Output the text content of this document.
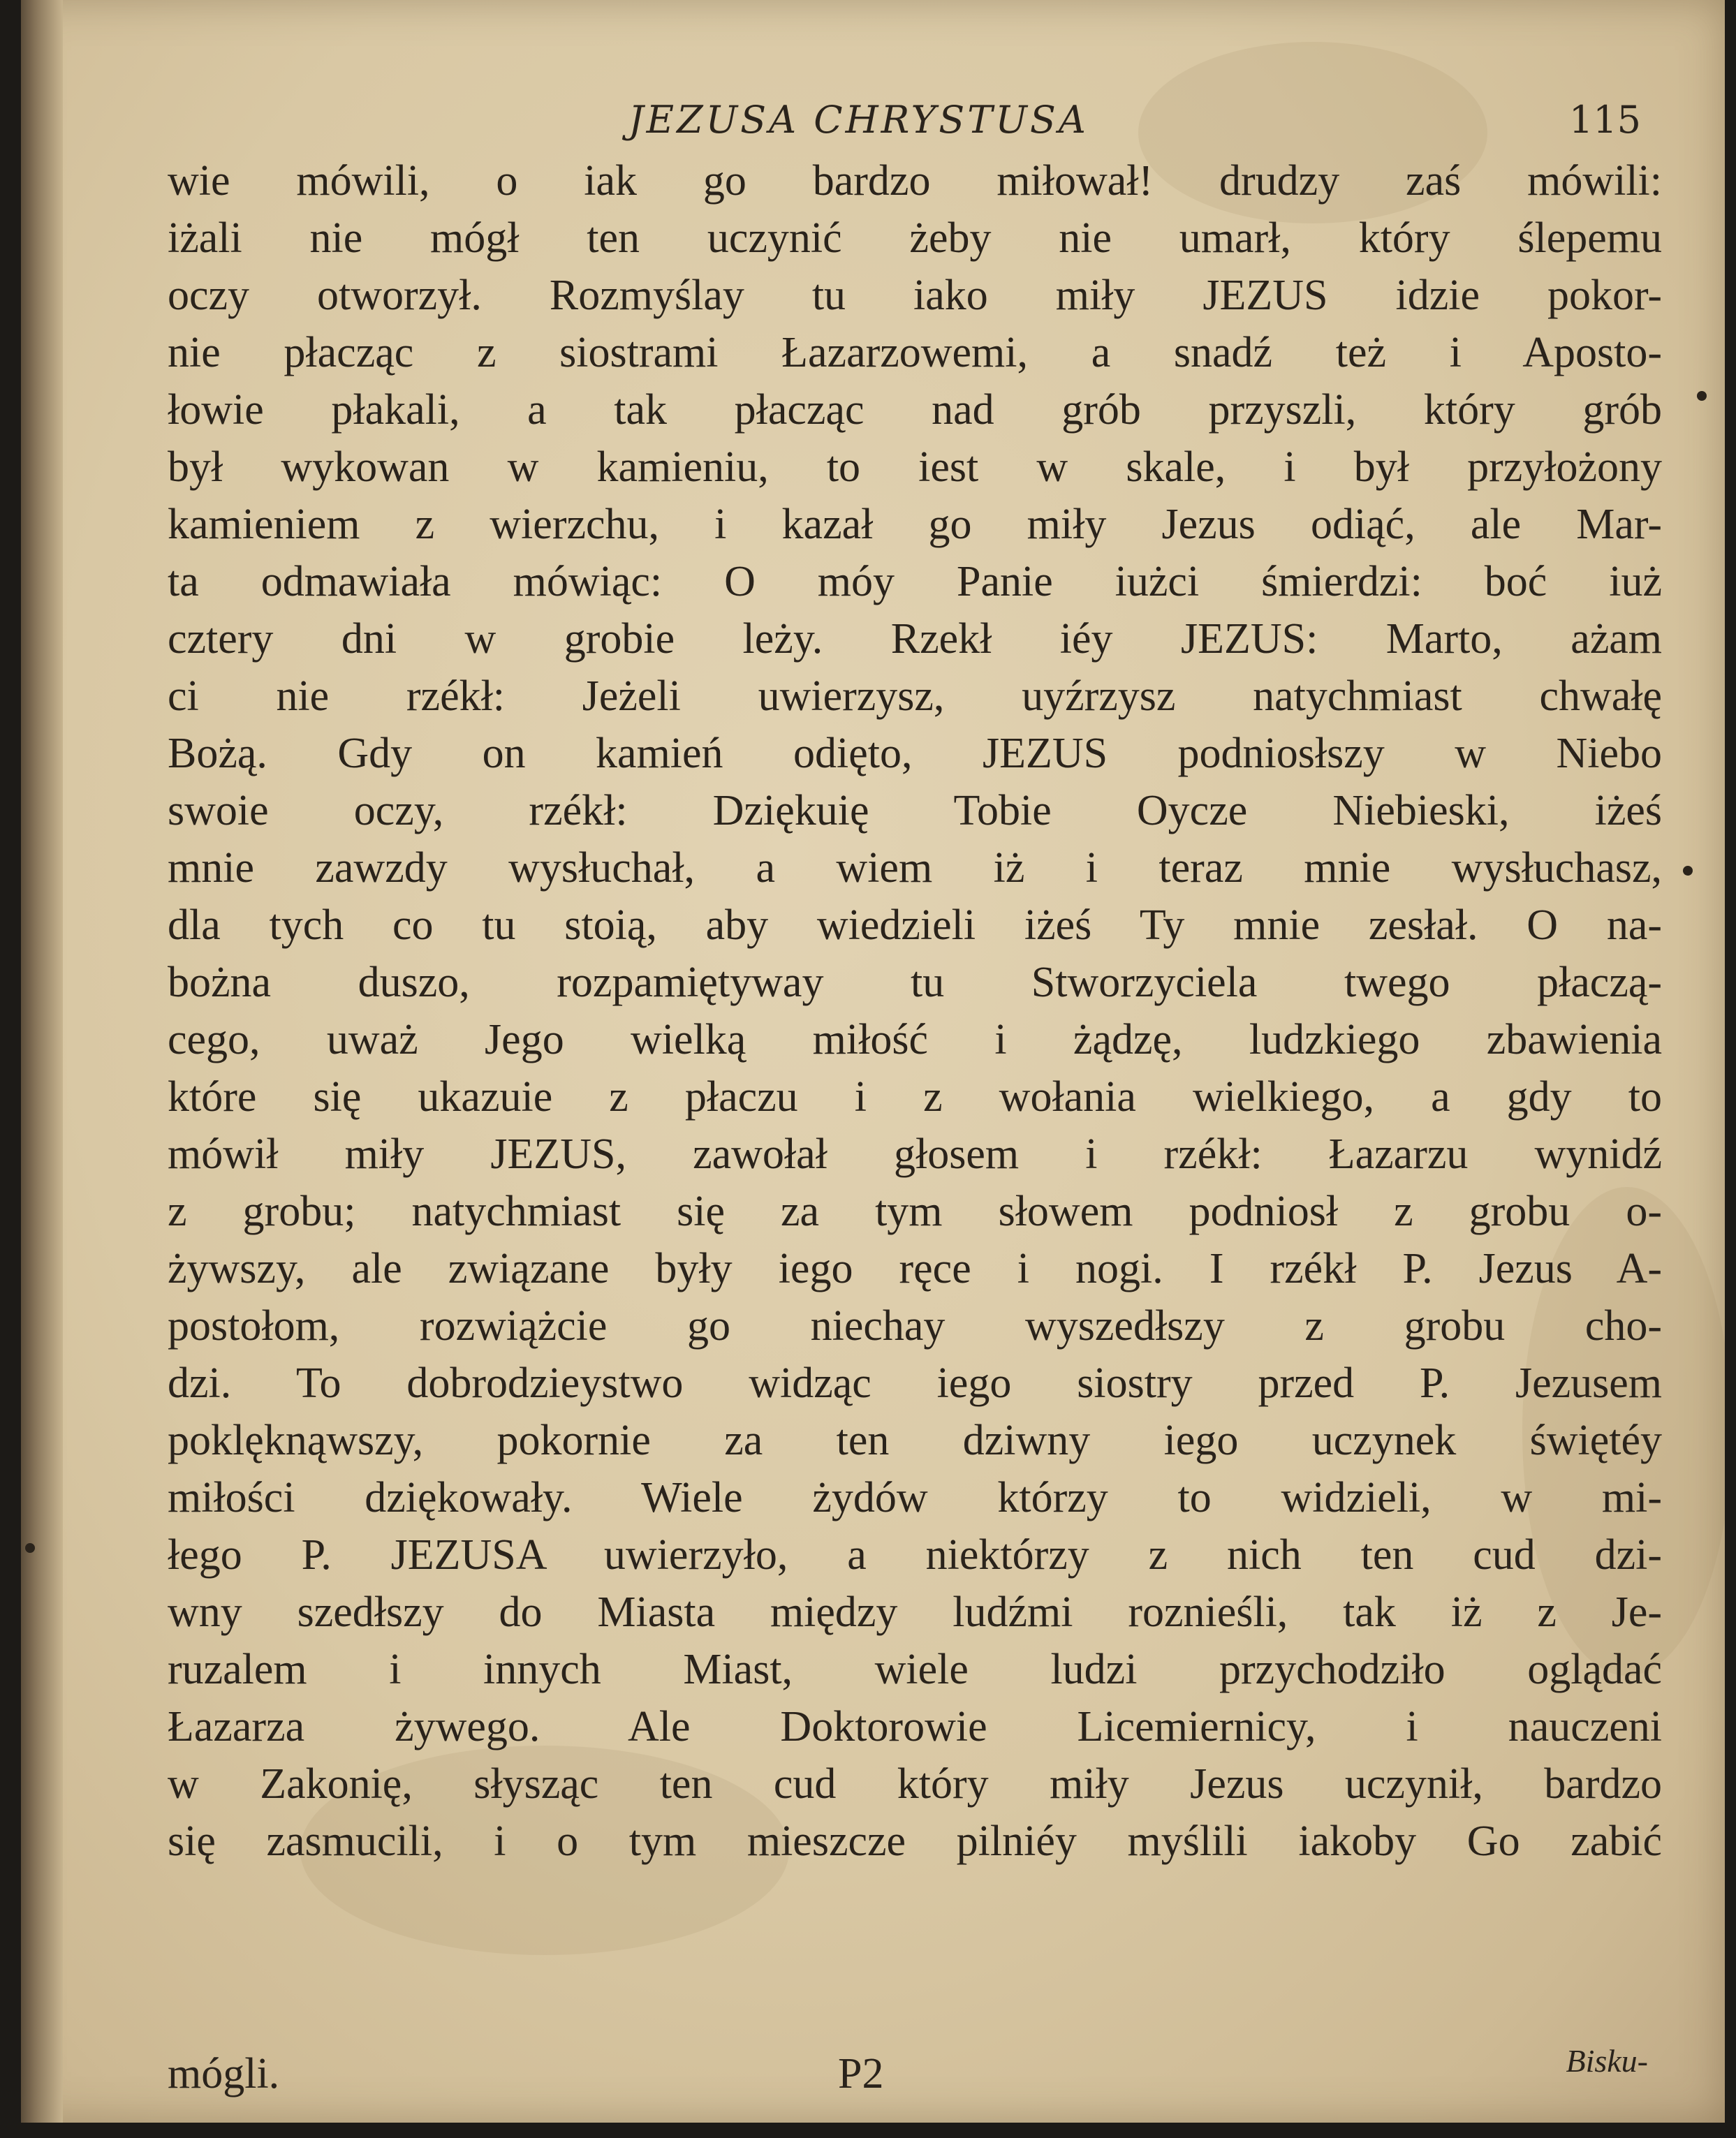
JEZUSA CHRYSTUSA	115
wie mówili, o iak go bardzo miłował! drudzy zaś mówili:
iżali nie mógł ten uczynić żeby nie umarł, który ślepemu
oczy otworzył. Rozmyślay tu iako miły JEZUS idzie pokor-
nie płacząc z siostrami Łazarzowemi, a snadź też i Aposto-
łowie płakali, a tak płacząc nad grób przyszli, który grób
był wykowan w kamieniu, to iest w skale, i był przyłożony
kamieniem z wierzchu, i kazał go miły Jezus odiąć, ale Mar-
ta odmawiała mówiąc: O móy Panie iużci śmierdzi: boć iuż
cztery dni w grobie leży. Rzekł iéy JEZUS: Marto, ażam
ci nie rzékł: Jeżeli uwierzysz, uyźrzysz natychmiast chwałę
Bożą. Gdy on kamień odięto, JEZUS podniosłszy w Niebo
swoie oczy, rzékł: Dziękuię Tobie Oycze Niebieski, iżeś
mnie zawzdy wysłuchał, a wiem iż i teraz mnie wysłuchasz,
dla tych co tu stoią, aby wiedzieli iżeś Ty mnie zesłał. O na-
bożna duszo, rozpamiętyway tu Stworzyciela twego płaczą-
cego, uważ Jego wielką miłość i żądzę, ludzkiego zbawienia
które się ukazuie z płaczu i z wołania wielkiego, a gdy to
mówił miły JEZUS, zawołał głosem i rzékł: Łazarzu wynidź
z grobu; natychmiast się za tym słowem podniosł z grobu o-
żywszy, ale związane były iego ręce i nogi. I rzékł P. Jezus A-
postołom, rozwiążcie go niechay wyszedłszy z grobu cho-
dzi. To dobrodzieystwo widząc iego siostry przed P. Jezusem
poklęknąwszy, pokornie za ten dziwny iego uczynek świętéy
miłości dziękowały. Wiele żydów którzy to widzieli, w mi-
łego P. JEZUSA uwierzyło, a niektórzy z nich ten cud dzi-
wny szedłszy do Miasta między ludźmi roznieśli, tak iż z Je-
ruzalem i innych Miast, wiele ludzi przychodziło oglądać
Łazarza żywego. Ale Doktorowie Licemiernicy, i nauczeni
w Zakonię, słysząc ten cud który miły Jezus uczynił, bardzo
się zasmucili, i o tym mieszcze pilniéy myślili iakoby Go zabić
mógli.	P2	Bisku-
